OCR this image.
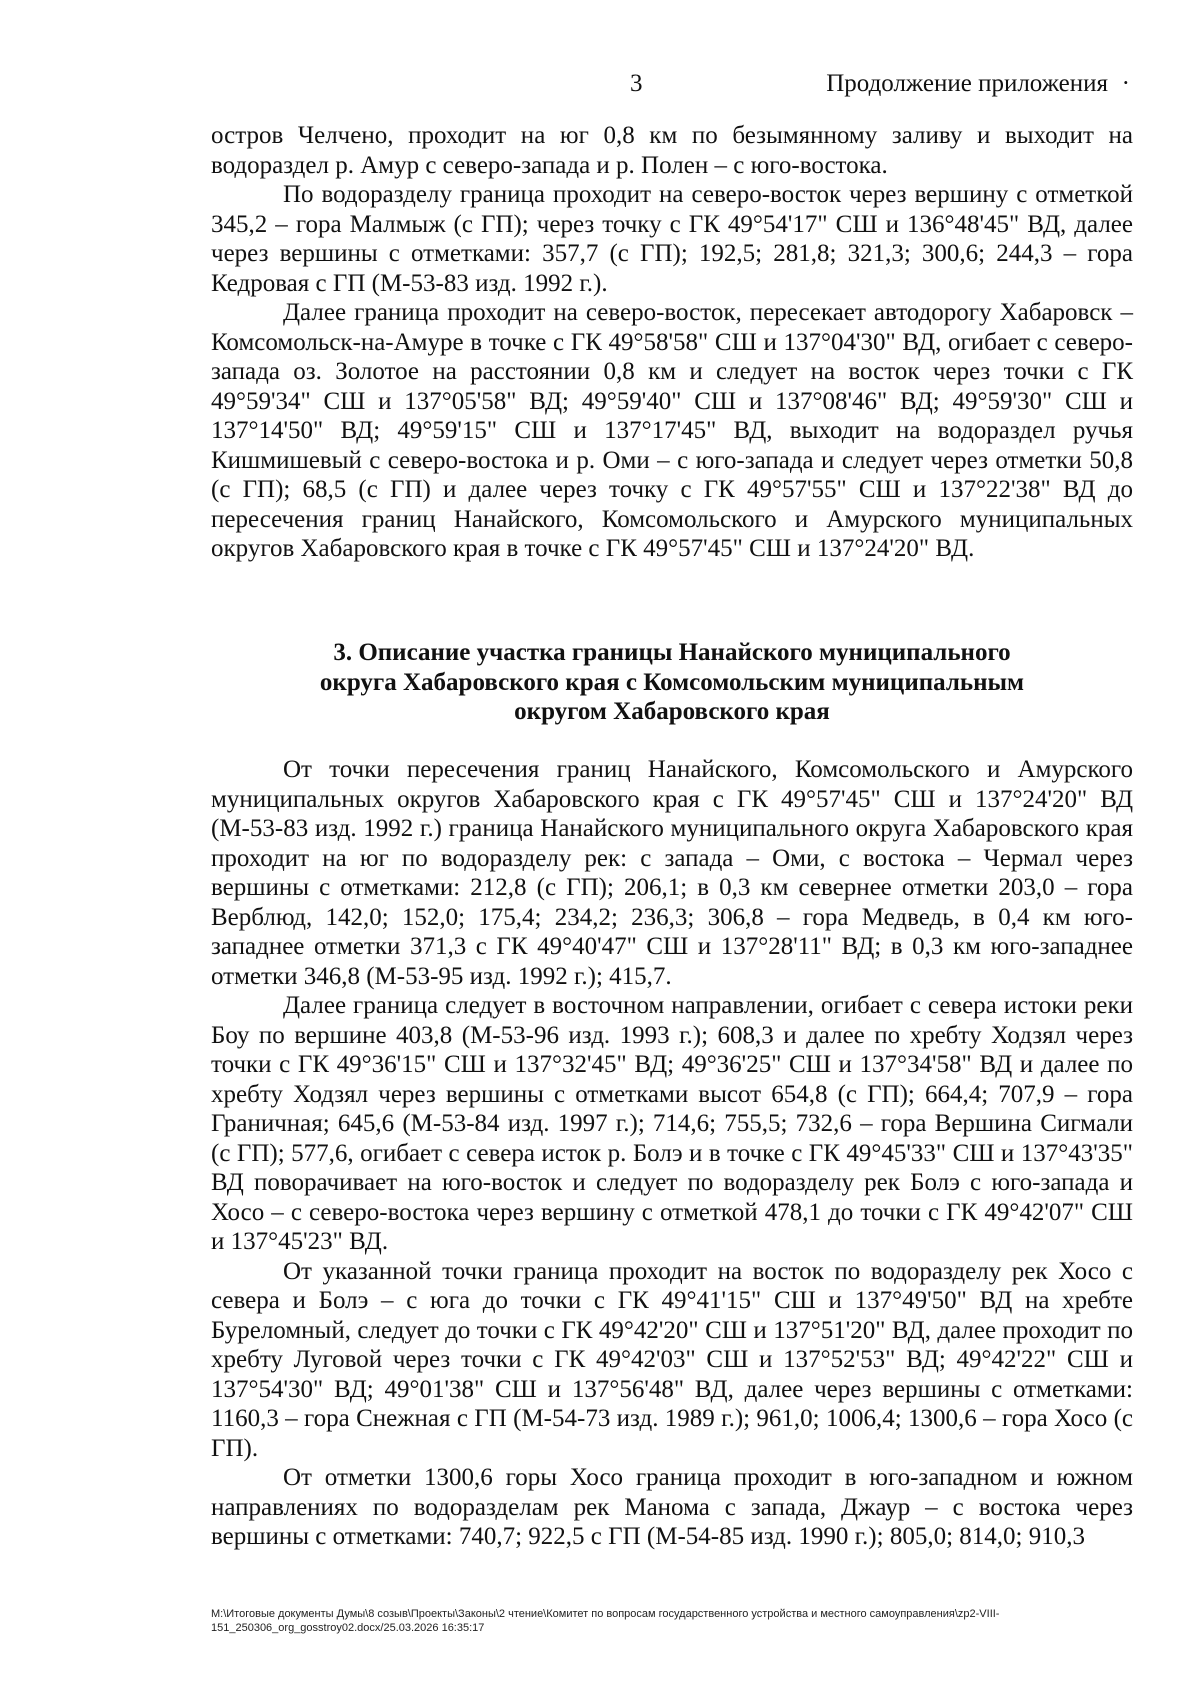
3	Продолжение приложения ·

остров Челчено, проходит на юг 0,8 км по безымянному заливу и выходит на водораздел р. Амур с северо-запада и р. Полен – с юго-востока.

По водоразделу граница проходит на северо-восток через вершину с отметкой 345,2 – гора Малмыж (с ГП); через точку с ГК 49°54'17" СШ и 136°48'45" ВД, далее через вершины с отметками: 357,7 (с ГП); 192,5; 281,8; 321,3; 300,6; 244,3 – гора Кедровая с ГП (М-53-83 изд. 1992 г.).

Далее граница проходит на северо-восток, пересекает автодорогу Хабаровск – Комсомольск-на-Амуре в точке с ГК 49°58'58" СШ и 137°04'30" ВД, огибает с северо-запада оз. Золотое на расстоянии 0,8 км и следует на восток через точки с ГК 49°59'34" СШ и 137°05'58" ВД; 49°59'40" СШ и 137°08'46" ВД; 49°59'30" СШ и 137°14'50" ВД; 49°59'15" СШ и 137°17'45" ВД, выходит на водораздел ручья Кишмишевый с северо-востока и р. Оми – с юго-запада и следует через отметки 50,8 (с ГП); 68,5 (с ГП) и далее через точку с ГК 49°57'55" СШ и 137°22'38" ВД до пересечения границ Нанайского, Комсомольского и Амурского муниципальных округов Хабаровского края в точке с ГК 49°57'45" СШ и 137°24'20" ВД.

3. Описание участка границы Нанайского муниципального
округа Хабаровского края с Комсомольским муниципальным
округом Хабаровского края

От точки пересечения границ Нанайского, Комсомольского и Амурского муниципальных округов Хабаровского края с ГК 49°57'45" СШ и 137°24'20" ВД (М-53-83 изд. 1992 г.) граница Нанайского муниципального округа Хабаровского края проходит на юг по водоразделу рек: с запада – Оми, с востока – Чермал через вершины с отметками: 212,8 (с ГП); 206,1; в 0,3 км севернее отметки 203,0 – гора Верблюд, 142,0; 152,0; 175,4; 234,2; 236,3; 306,8 – гора Медведь, в 0,4 км юго-западнее отметки 371,3 с ГК 49°40'47" СШ и 137°28'11" ВД; в 0,3 км юго-западнее отметки 346,8 (М-53-95 изд. 1992 г.); 415,7.

Далее граница следует в восточном направлении, огибает с севера истоки реки Боу по вершине 403,8 (М-53-96 изд. 1993 г.); 608,3 и далее по хребту Ходзял через точки с ГК 49°36'15" СШ и 137°32'45" ВД; 49°36'25" СШ и 137°34'58" ВД и далее по хребту Ходзял через вершины с отметками высот 654,8 (с ГП); 664,4; 707,9 – гора Граничная; 645,6 (М-53-84 изд. 1997 г.); 714,6; 755,5; 732,6 – гора Вершина Сигмали (с ГП); 577,6, огибает с севера исток р. Болэ и в точке с ГК 49°45'33" СШ и 137°43'35" ВД поворачивает на юго-восток и следует по водоразделу рек Болэ с юго-запада и Хосо – с северо-востока через вершину с отметкой 478,1 до точки с ГК 49°42'07" СШ и 137°45'23" ВД.

От указанной точки граница проходит на восток по водоразделу рек Хосо с севера и Болэ – с юга до точки с ГК 49°41'15" СШ и 137°49'50" ВД на хребте Буреломный, следует до точки с ГК 49°42'20" СШ и 137°51'20" ВД, далее проходит по хребту Луговой через точки с ГК 49°42'03" СШ и 137°52'53" ВД; 49°42'22" СШ и 137°54'30" ВД; 49°01'38" СШ и 137°56'48" ВД, далее через вершины с отметками: 1160,3 – гора Снежная с ГП (М-54-73 изд. 1989 г.); 961,0; 1006,4; 1300,6 – гора Хосо (с ГП).

От отметки 1300,6 горы Хосо граница проходит в юго-западном и южном направлениях по водоразделам рек Манома с запада, Джаур – с востока через вершины с отметками: 740,7; 922,5 с ГП (М-54-85 изд. 1990 г.); 805,0; 814,0; 910,3

M:\Итоговые документы Думы\8 созыв\Проекты\Законы\2 чтение\Комитет по вопросам государственного устройства и местного самоуправления\zp2-VIII-151_250306_org_gosstroy02.docx/25.03.2026 16:35:17
